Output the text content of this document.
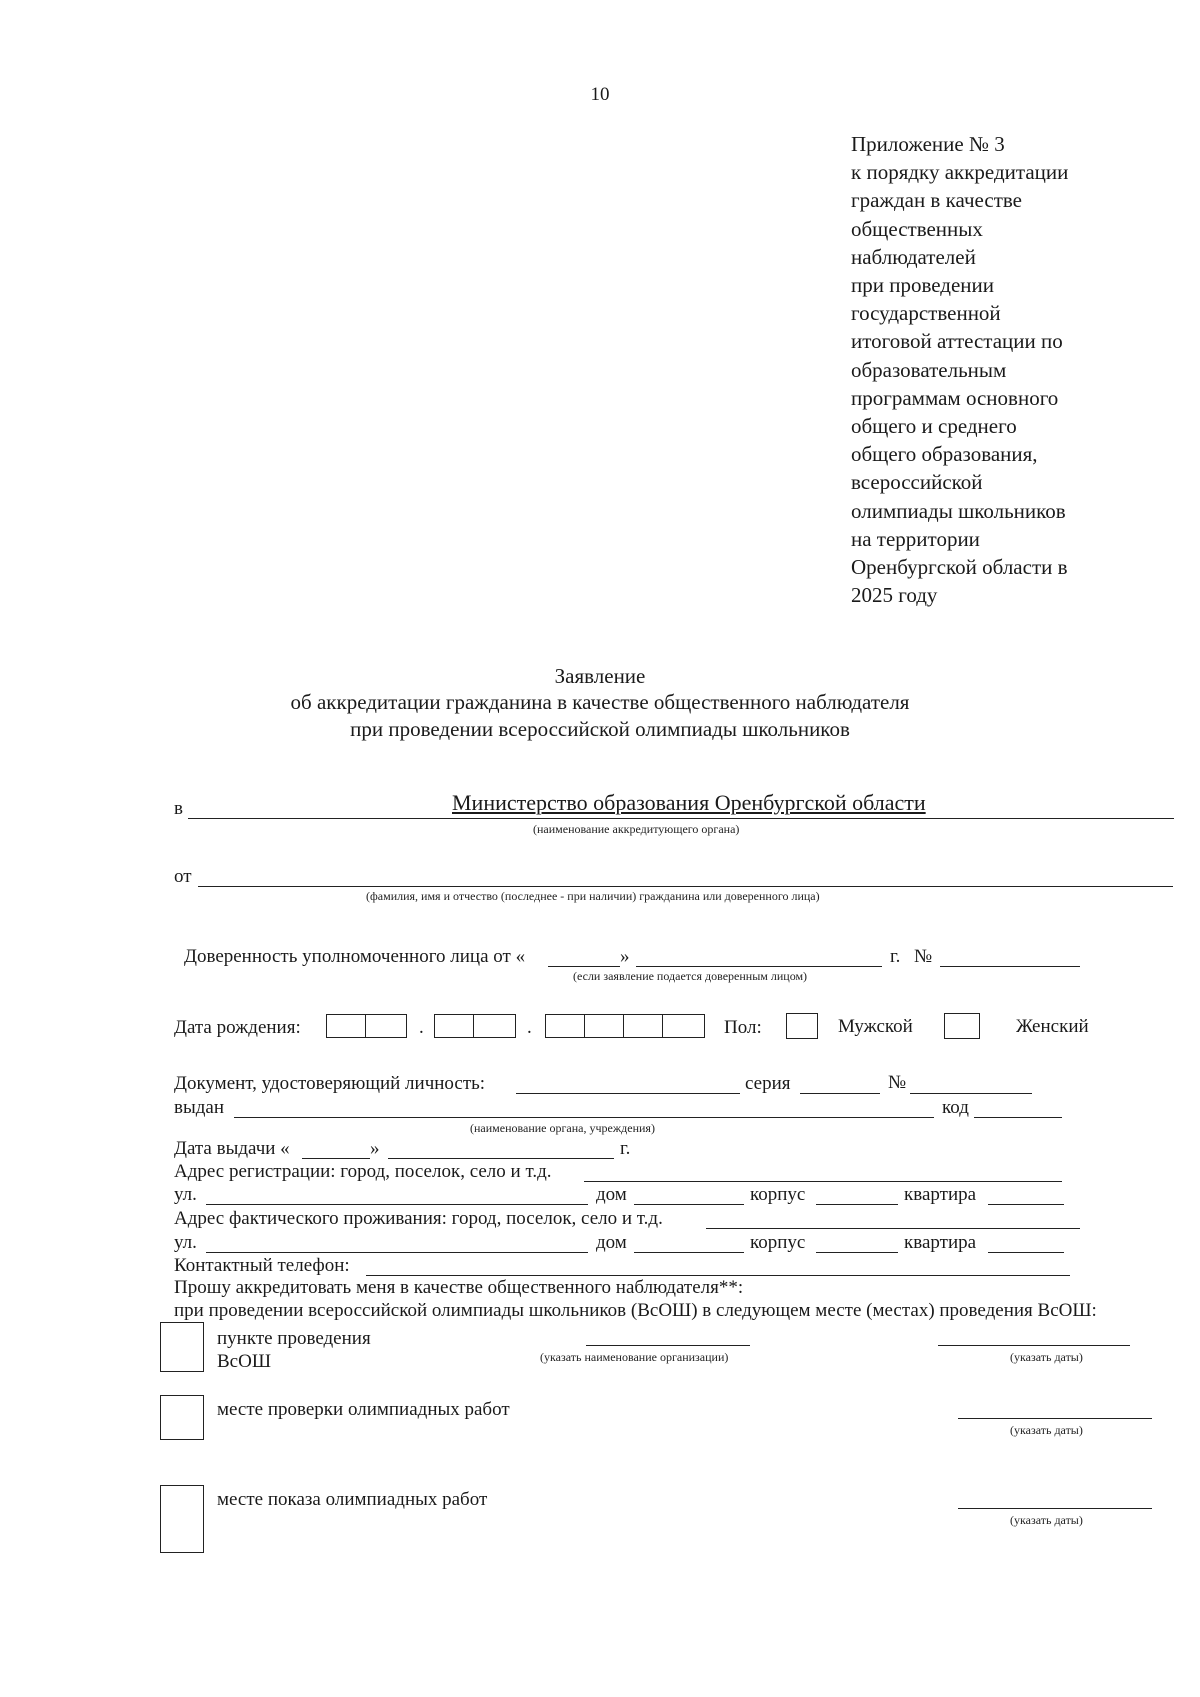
10
Приложение № 3
к порядку аккредитации
граждан в качестве
общественных
наблюдателей
при проведении
государственной
итоговой аттестации по
образовательным
программам основного
общего и среднего
общего образования,
всероссийской
олимпиады школьников
на территории
Оренбургской области в
2025 году
Заявление
об аккредитации гражданина в качестве общественного наблюдателя
при проведении всероссийской олимпиады школьников
в	Министерство образования Оренбургской области
(наименование аккредитующего органа)
от
(фамилия, имя и отчество (последнее - при наличии) гражданина или доверенного лица)
Доверенность уполномоченного лица от «	»	г. №
(если заявление подается доверенным лицом)
Дата рождения:	.	.	Пол:	Мужской	Женский
Документ, удостоверяющий личность:	серия	№
выдан	код
(наименование органа, учреждения)
Дата выдачи «	»	г.
Адрес регистрации: город, поселок, село и т.д.
ул.	дом	корпус	квартира
Адрес фактического проживания: город, поселок, село и т.д.
ул.	дом	корпус	квартира
Контактный телефон:
Прошу аккредитовать меня в качестве общественного наблюдателя**:
при проведении всероссийской олимпиады школьников (ВсОШ) в следующем месте (местах) проведения ВсОШ:
пункте проведения
ВсОШ	(указать наименование организации)	(указать даты)
месте проверки олимпиадных работ
(указать даты)
месте показа олимпиадных работ
(указать даты)
